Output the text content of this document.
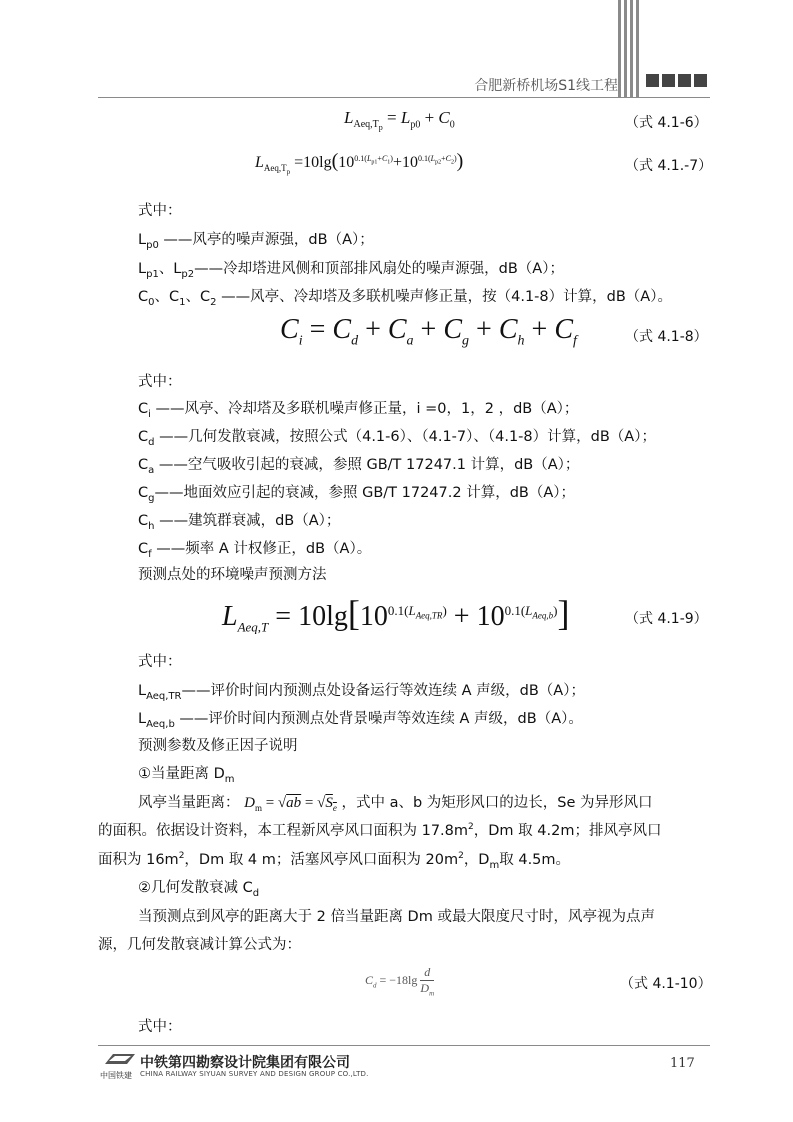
合肥新桥机场S1线工程
$L_{Aeq,T_p} = L_{p0} + C_0$	（式 4.1-6）
$L_{Aeq,T_p} =10\lg(10^{0.1(L_{p1}+C_1)}+10^{0.1(L_{p2}+C_2)})$	（式 4.1.-7）
式中：
$L_{p0}$ ——风亭的噪声源强，dB（A）；
$L_{p1}$、$L_{p2}——$冷却塔进风侧和顶部排风扇处的噪声源强，dB（A）；
$C_0$、$C_1$、$C_2$ ——风亭、冷却塔及多联机噪声修正量，按（4.1-8）计算，dB（A）。
$C_i = C_d + C_a + C_g + C_h + C_f$	（式 4.1-8）
式中：
$C_i$ ——风亭、冷却塔及多联机噪声修正量，i =0，1，2 ，dB（A）；
$C_d$ ——几何发散衰减，按照公式（4.1-6）、（4.1-7）、（4.1-8）计算，dB（A）；
$C_a$ ——空气吸收引起的衰减，参照 GB/T 17247.1 计算，dB（A）；
$C_g——$地面效应引起的衰减，参照 GB/T 17247.2 计算，dB（A）；
$C_h$ ——建筑群衰减，dB（A）；
$C_f$ ——频率 A 计权修正，dB（A）。
预测点处的环境噪声预测方法
$L_{Aeq,T} = 10\lg[10^{0.1(L_{Aeq,TR})} + 10^{0.1(L_{Aeq,b})}]$	（式 4.1-9）
式中：
$L_{Aeq,TR}——$评价时间内预测点处设备运行等效连续 A 声级，dB（A）；
$L_{Aeq,b}$ ——评价时间内预测点处背景噪声等效连续 A 声级，dB（A）。
预测参数及修正因子说明
①当量距离 $D_m$
风亭当量距离： $D_m = √ab = √S_e$ ，式中 a、b 为矩形风口的边长，Se 为异形风口
的面积。依据设计资料，本工程新风亭风口面积为 $17.8m^2$，Dm 取 4.2m；排风亭风口
面积为 $16m^2$，Dm 取 4 m；活塞风亭风口面积为 $20m^2$，$D_m$取 4.5m。
②几何发散衰减 $C_d$
当预测点到风亭的距离大于 2 倍当量距离 Dm 或最大限度尺寸时，风亭视为点声
源，几何发散衰减计算公式为：
$C_d = -18\lg \frac{d}{D_m}$	（式 4.1-10）
式中：
中铁第四勘察设计院集团有限公司
中国铁建 CHINA RAILWAY SIYUAN SURVEY AND DESIGN GROUP CO.,LTD.
117
